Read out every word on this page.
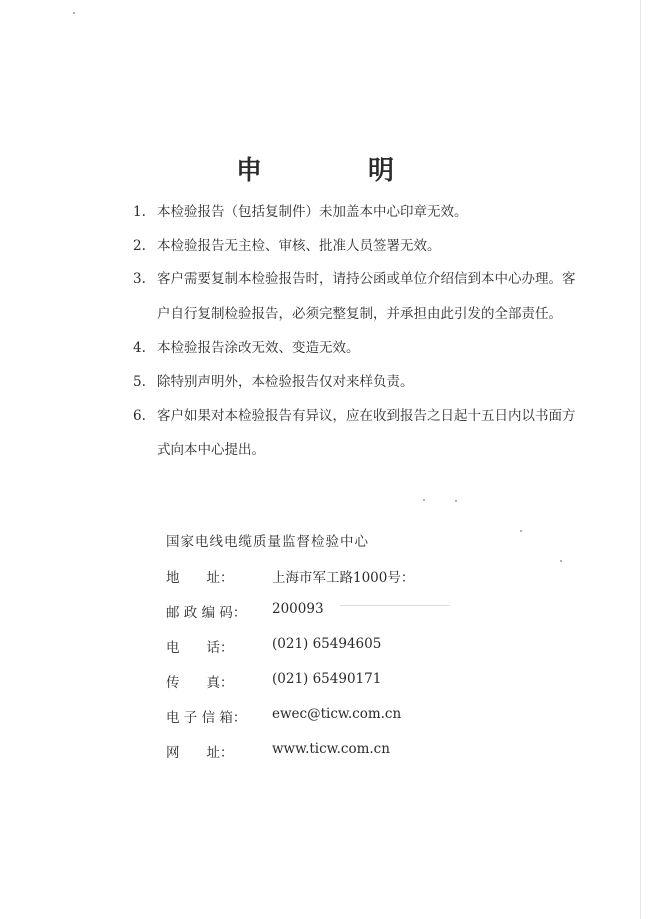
申　明
1. 本检验报告（包括复制件）未加盖本中心印章无效。
2. 本检验报告无主检、审核、批准人员签署无效。
3. 客户需要复制本检验报告时，请持公函或单位介绍信到本中心办理。客
户自行复制检验报告，必须完整复制，并承担由此引发的全部责任。
4. 本检验报告涂改无效、变造无效。
5. 除特别声明外，本检验报告仅对来样负责。
6. 客户如果对本检验报告有异议，应在收到报告之日起十五日内以书面方
式向本中心提出。
国家电线电缆质量监督检验中心
地　　址：	上海市军工路1000号：
邮 政 编 码： 200093
电　　话：	(021) 65494605
传　　真：	(021) 65490171
电 子 信 箱： ewec@ticw.com.cn
网　　址：	www.ticw.com.cn
